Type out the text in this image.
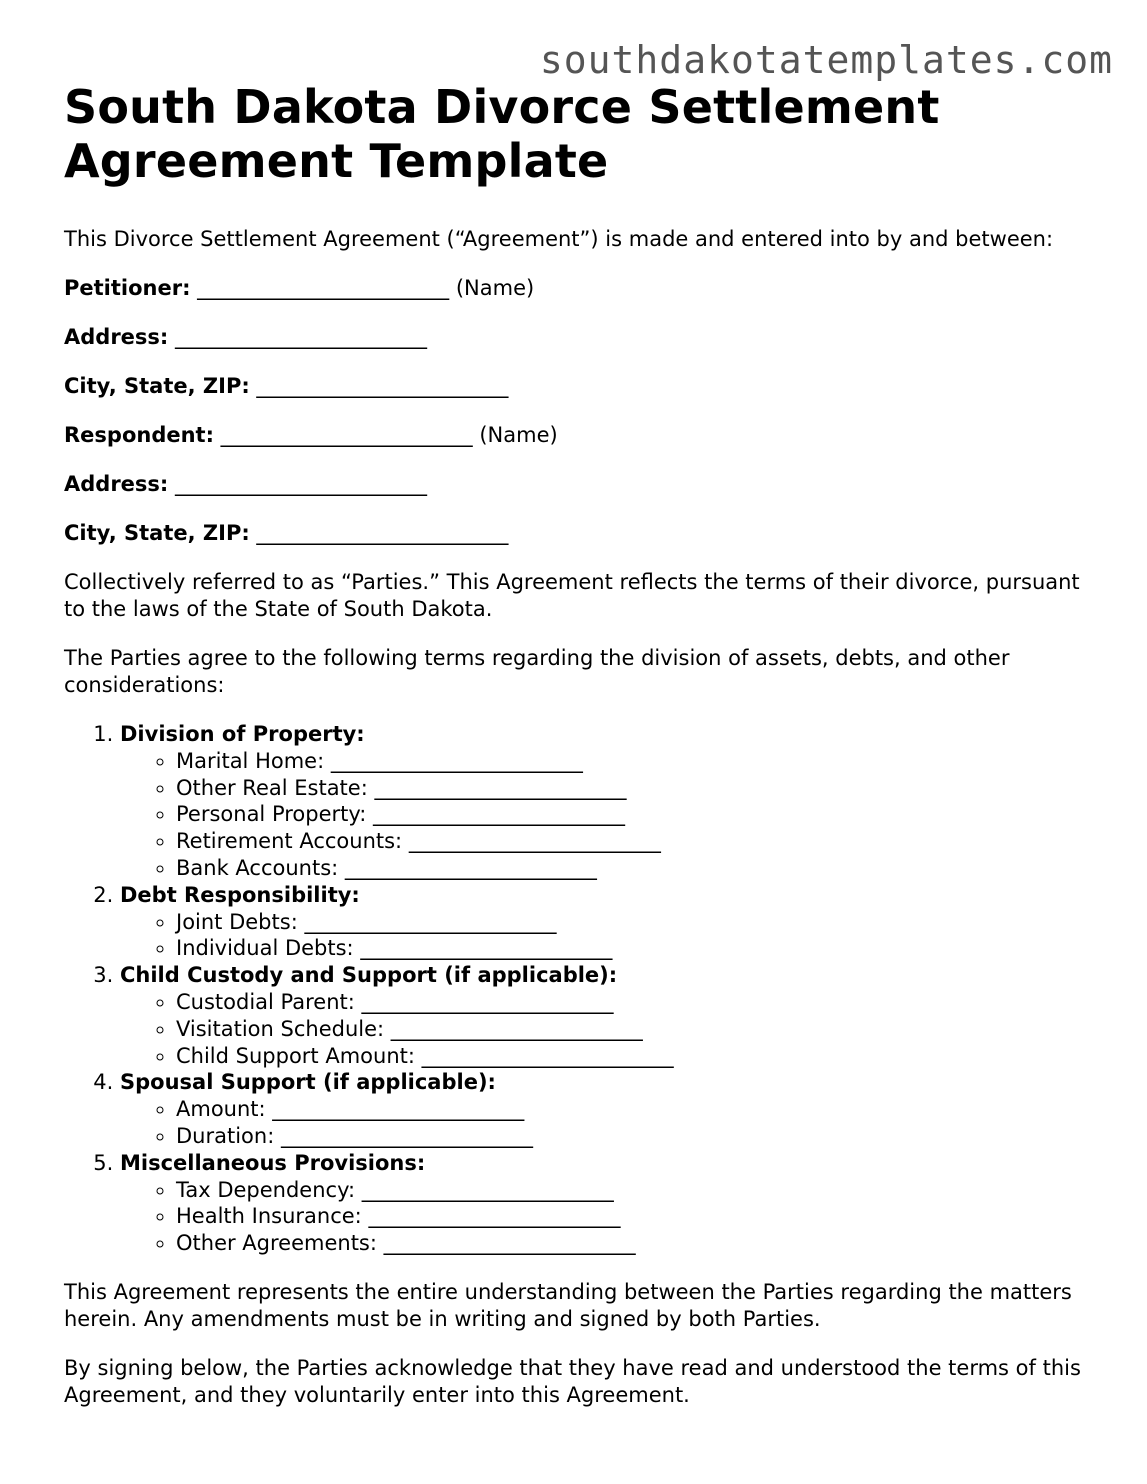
southdakotatemplates.com
South Dakota Divorce Settlement Agreement Template

This Divorce Settlement Agreement (“Agreement”) is made and entered into by and between:

Petitioner: ________________________ (Name)
Address: ________________________
City, State, ZIP: ________________________
Respondent: ________________________ (Name)
Address: ________________________
City, State, ZIP: ________________________

Collectively referred to as “Parties.” This Agreement reflects the terms of their divorce, pursuant to the laws of the State of South Dakota.

The Parties agree to the following terms regarding the division of assets, debts, and other considerations:

1. Division of Property:
◦ Marital Home: ________________________
◦ Other Real Estate: ________________________
◦ Personal Property: ________________________
◦ Retirement Accounts: ________________________
◦ Bank Accounts: ________________________
2. Debt Responsibility:
◦ Joint Debts: ________________________
◦ Individual Debts: ________________________
3. Child Custody and Support (if applicable):
◦ Custodial Parent: ________________________
◦ Visitation Schedule: ________________________
◦ Child Support Amount: ________________________
4. Spousal Support (if applicable):
◦ Amount: ________________________
◦ Duration: ________________________
5. Miscellaneous Provisions:
◦ Tax Dependency: ________________________
◦ Health Insurance: ________________________
◦ Other Agreements: ________________________

This Agreement represents the entire understanding between the Parties regarding the matters herein. Any amendments must be in writing and signed by both Parties.

By signing below, the Parties acknowledge that they have read and understood the terms of this Agreement, and they voluntarily enter into this Agreement.
